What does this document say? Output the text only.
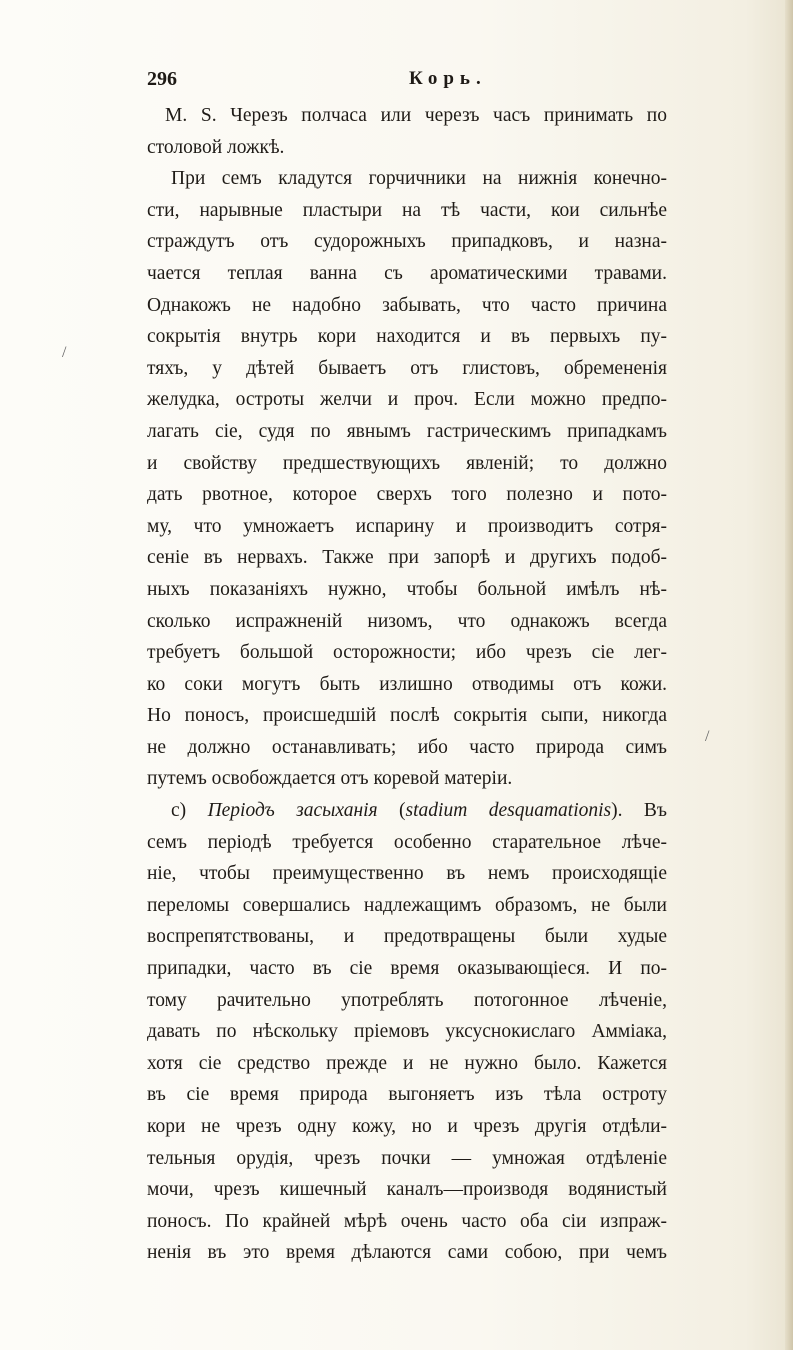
296	Корь.
/
/
M. S. Черезъ полчаса или черезъ часъ принимать по
столовой ложкѣ.
При семъ кладутся горчичники на нижнія конечно-
сти, нарывные пластыри на тѣ части, кои сильнѣе
страждутъ отъ судорожныхъ припадковъ, и назна-
чается теплая ванна съ ароматическими травами.
Однакожъ не надобно забывать, что часто причина
сокрытія внутрь кори находится и въ первыхъ пу-
тяхъ, у дѣтей бываетъ отъ глистовъ, обремененія
желудка, остроты желчи и проч. Если можно предпо-
лагать сіе, судя по явнымъ гастрическимъ припадкамъ
и свойству предшествующихъ явленій; то должно
дать рвотное, которое сверхъ того полезно и пото-
му, что умножаетъ испарину и производитъ сотря-
сеніе въ нервахъ. Также при запорѣ и другихъ подоб-
ныхъ показаніяхъ нужно, чтобы больной имѣлъ нѣ-
сколько испражненій низомъ, что однакожъ всегда
требуетъ большой осторожности; ибо чрезъ сіе лег-
ко соки могутъ быть излишно отводимы отъ кожи.
Но поносъ, происшедшій послѣ сокрытія сыпи, никогда
не должно останавливать; ибо часто природа симъ
путемъ освобождается отъ коревой матеріи.
c) Періодъ засыханія (stadium desquamationis). Въ
семъ періодѣ требуется особенно старательное лѣче-
ніе, чтобы преимущественно въ немъ происходящіе
переломы совершались надлежащимъ образомъ, не были
воспрепятствованы, и предотвращены были худые
припадки, часто въ сіе время оказывающіеся. И по-
тому рачительно употреблять потогонное лѣченіе,
давать по нѣскольку пріемовъ уксуснокислаго Аммiака,
хотя сіе средство прежде и не нужно было. Кажется
въ сіе время природа выгоняетъ изъ тѣла остроту
кори не чрезъ одну кожу, но и чрезъ другія отдѣли-
тельныя орудія, чрезъ почки — умножая отдѣленіе
мочи, чрезъ кишечный каналъ—производя водянистый
поносъ. По крайней мѣрѣ очень часто оба сіи изпраж-
ненія въ это время дѣлаются сами собою, при чемъ
